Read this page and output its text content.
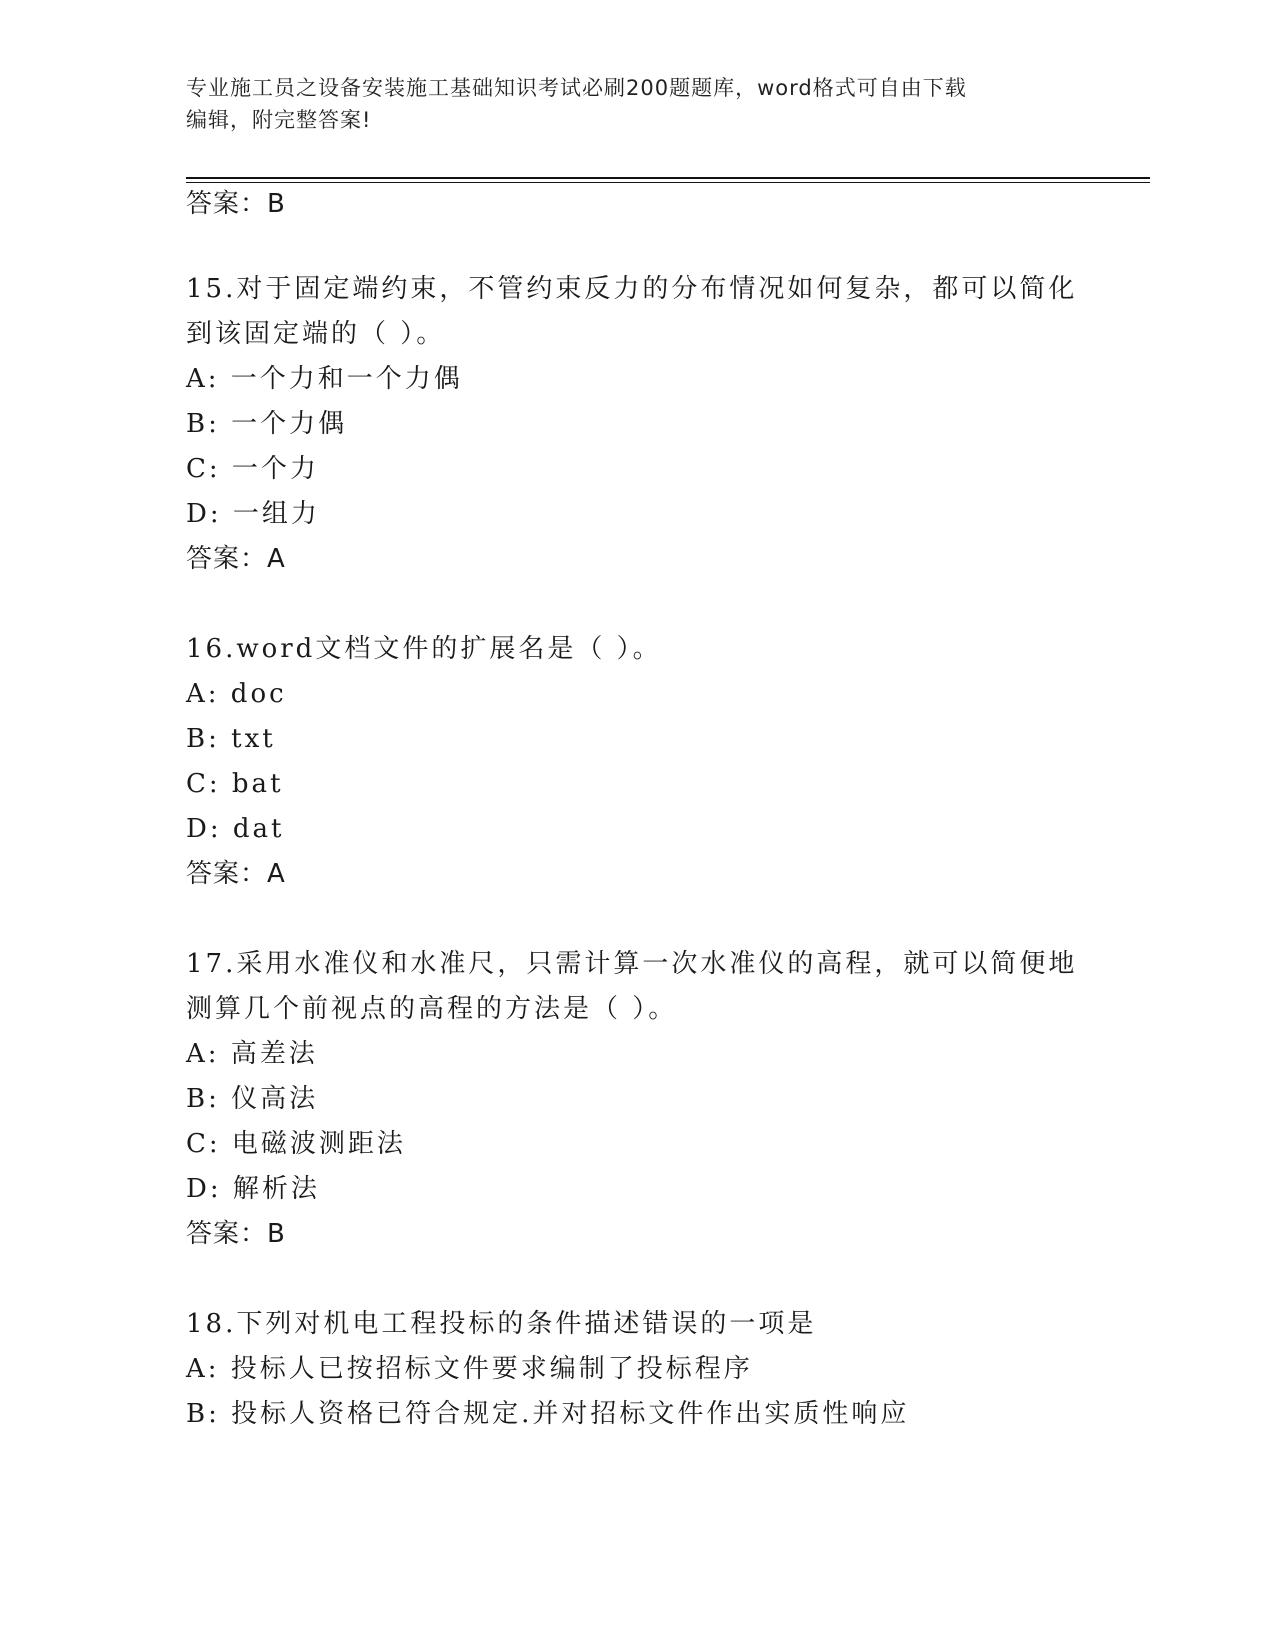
专业施工员之设备安装施工基础知识考试必刷200题题库，word格式可自由下载
编辑，附完整答案!
答案：B
15.对于固定端约束，不管约束反力的分布情况如何复杂，都可以简化
到该固定端的（ ）。
A: 一个力和一个力偶
B: 一个力偶
C: 一个力
D: 一组力
答案：A
16.word文档文件的扩展名是（ ）。
A: doc
B: txt
C: bat
D: dat
答案：A
17.采用水准仪和水准尺，只需计算一次水准仪的高程，就可以简便地
测算几个前视点的高程的方法是（ ）。
A: 高差法
B: 仪高法
C: 电磁波测距法
D: 解析法
答案：B
18.下列对机电工程投标的条件描述错误的一项是
A: 投标人已按招标文件要求编制了投标程序
B: 投标人资格已符合规定.并对招标文件作出实质性响应
